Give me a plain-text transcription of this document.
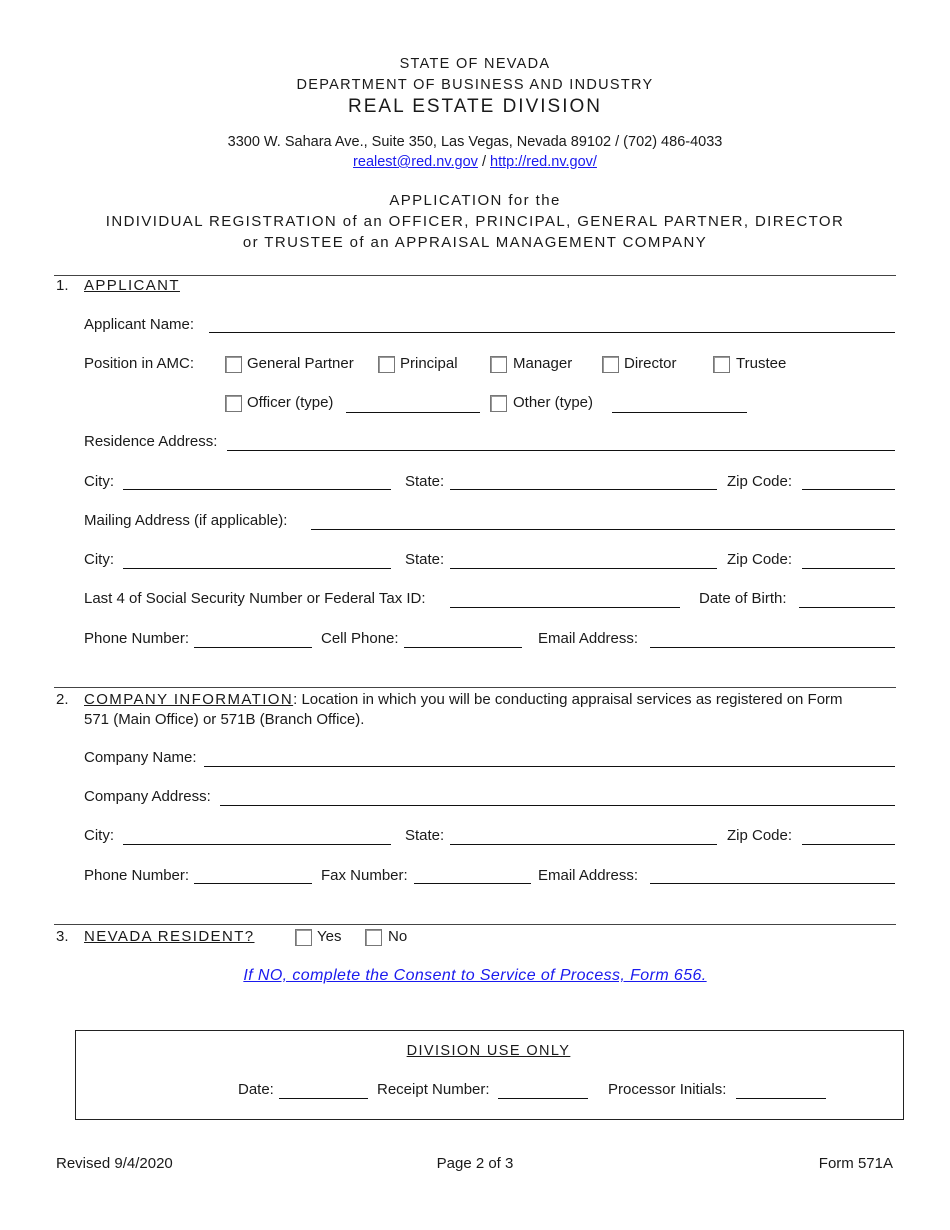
STATE OF NEVADA
DEPARTMENT OF BUSINESS AND INDUSTRY
REAL ESTATE DIVISION
3300 W. Sahara Ave., Suite 350, Las Vegas, Nevada 89102 / (702) 486-4033
realest@red.nv.gov / http://red.nv.gov/
APPLICATION for the
INDIVIDUAL REGISTRATION of an OFFICER, PRINCIPAL, GENERAL PARTNER, DIRECTOR
or TRUSTEE of an APPRAISAL MANAGEMENT COMPANY
1. APPLICANT
Applicant Name:
Position in AMC:	General Partner	Principal	Manager	Director	Trustee
Officer (type)	Other (type)
Residence Address:
City:	State:	Zip Code:
Mailing Address (if applicable):
City:	State:	Zip Code:
Last 4 of Social Security Number or Federal Tax ID:	Date of Birth:
Phone Number:	Cell Phone:	Email Address:
2. COMPANY INFORMATION: Location in which you will be conducting appraisal services as registered on Form
571 (Main Office) or 571B (Branch Office).
Company Name:
Company Address:
City:	State:	Zip Code:
Phone Number:	Fax Number:	Email Address:
3. NEVADA RESIDENT?	Yes	No
If NO, complete the Consent to Service of Process, Form 656.
DIVISION USE ONLY
Date:	Receipt Number:	Processor Initials:
Revised 9/4/2020	Page 2 of 3	Form 571A
